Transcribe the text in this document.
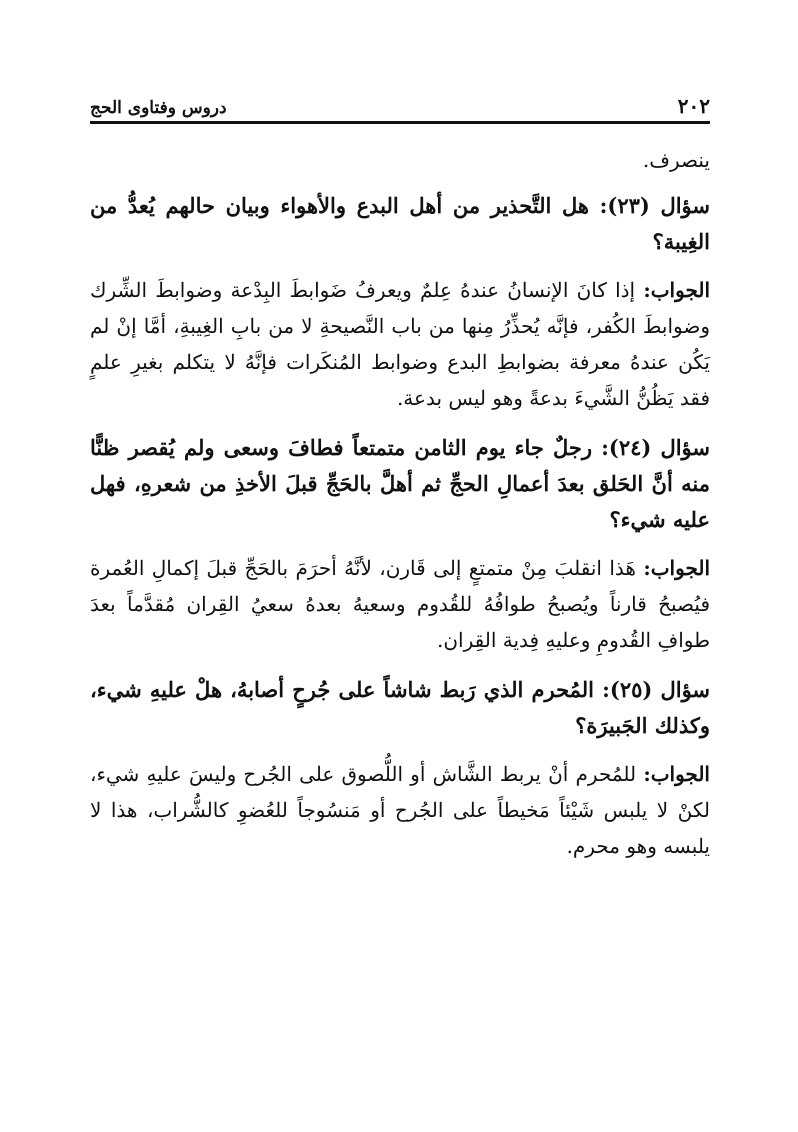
٢٠٢
دروس وفتاوى الحج

ينصرف.

سؤال (٢٣): هل التَّحذير من أهل البدع والأهواء وبيان حالهم يُعدُّ من الغِيبة؟

الجواب: إذا كانَ الإنسانُ عندهُ عِلمٌ ويعرفُ ضَوابطَ البِدْعة وضوابطَ الشِّرك وضوابطَ الكُفر، فإنَّه يُحذِّرُ مِنها من باب النَّصيحةِ لا من بابِ الغِيبةِ، أمَّا إنْ لم يَكُن عندهُ معرفة بضوابطِ البدع وضوابط المُنكَرات فإنَّهُ لا يتكلم بغيرِ علمٍ فقد يَظُنُّ الشَّيءَ بدعةً وهو ليس بدعة.

سؤال (٢٤): رجلٌ جاء يوم الثامن متمتعاً فطافَ وسعى ولم يُقصر ظنًّا منه أنَّ الحَلق بعدَ أعمالِ الحجِّ ثم أهلَّ بالحَجِّ قبلَ الأخذِ من شعرهِ، فهل عليه شيء؟

الجواب: هَذا انقلبَ مِنْ متمتعٍ إلى قَارن، لأنَّهُ أحرَمَ بالحَجِّ قبلَ إكمالِ العُمرة فيُصبحُ قارناً ويُصبحُ طوافُهُ للقُدوم وسعيهُ بعدهُ سعيُ القِران مُقدَّماً بعدَ طوافِ القُدومِ وعليهِ فِدية القِران.

سؤال (٢٥): المُحرم الذي رَبط شاشاً على جُرحٍ أصابهُ، هلْ عليهِ شيء، وكذلك الجَبيرَة؟

الجواب: للمُحرم أنْ يربط الشَّاش أو اللُّصوق على الجُرح وليسَ عليهِ شيء، لكنْ لا يلبس شَيْئاً مَخيطاً على الجُرح أو مَنسُوجاً للعُضوِ كالشُّراب، هذا لا يلبسه وهو محرم.
